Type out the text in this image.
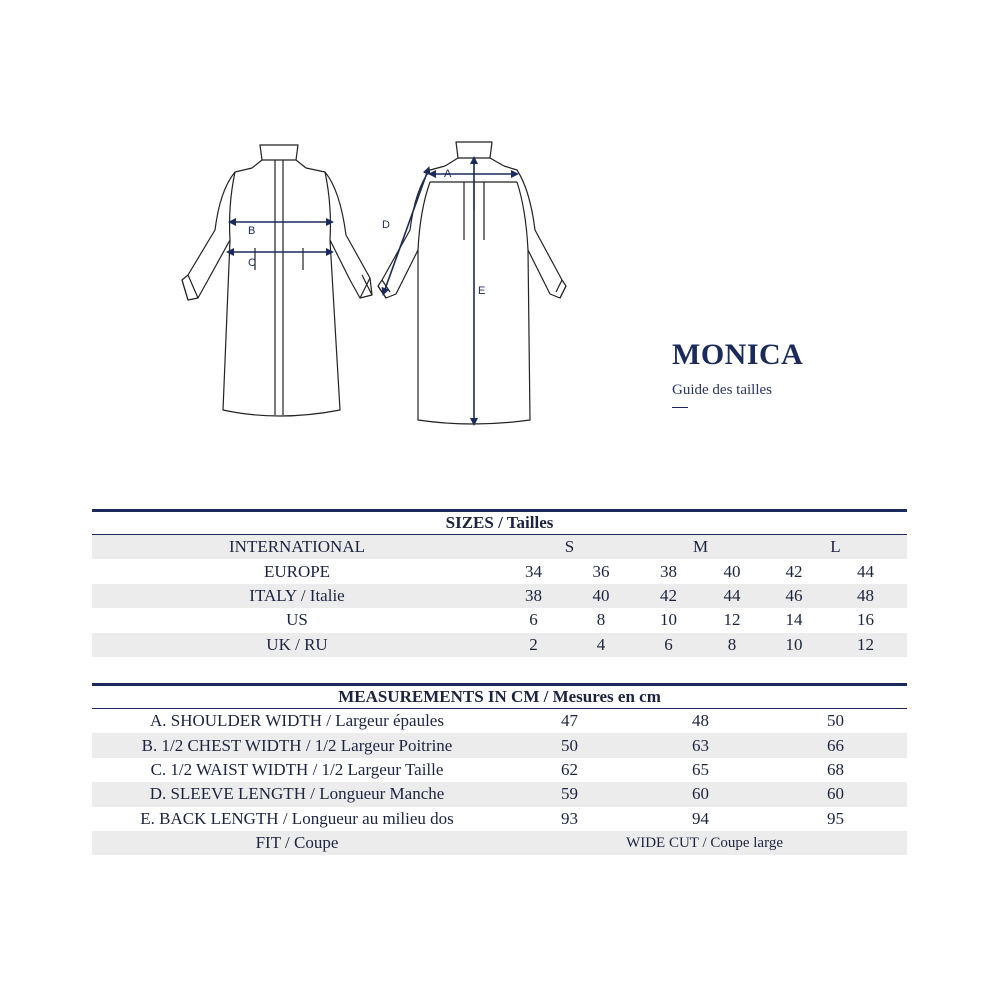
A
B
C
D
E
MONICA
Guide des tailles
SIZES / Tailles						
INTERNATIONAL	S		M		L	
EUROPE	34	36	38	40	42	44
ITALY / Italie	38	40	42	44	46	48
US	6	8	10	12	14	16
UK / RU	2	4	6	8	10	12
MEASUREMENTS IN CM / Mesures en cm			
A. SHOULDER WIDTH / Largeur épaules	47	48	50
B. 1/2 CHEST WIDTH / 1/2 Largeur Poitrine	50	63	66
C. 1/2 WAIST WIDTH / 1/2 Largeur Taille	62	65	68
D. SLEEVE LENGTH / Longueur Manche	59	60	60
E. BACK LENGTH / Longueur au milieu dos	93	94	95
FIT / Coupe	WIDE CUT / Coupe large		
